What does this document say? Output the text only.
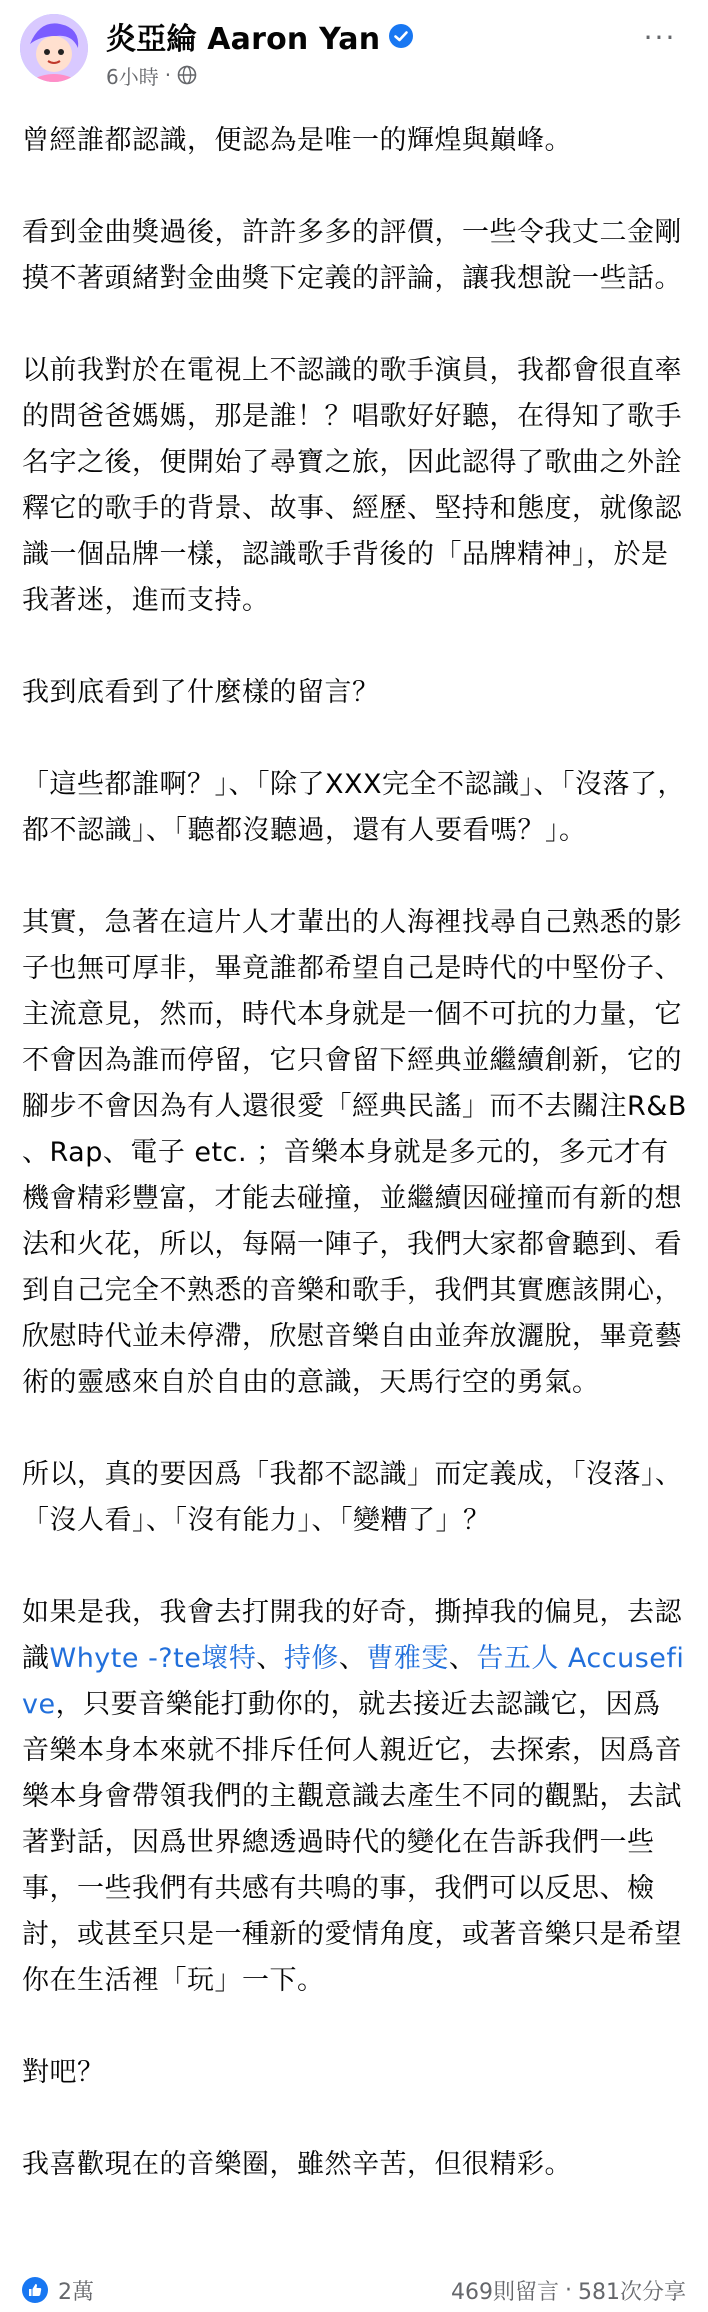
炎亞綸 Aaron Yan
6小時 ·
···

曾經誰都認識，便認為是唯一的輝煌與巔峰。

看到金曲獎過後，許許多多的評價，一些令我丈二金剛摸不著頭緒對金曲獎下定義的評論，讓我想說一些話。

以前我對於在電視上不認識的歌手演員，我都會很直率的問爸爸媽媽，那是誰！？唱歌好好聽，在得知了歌手名字之後，便開始了尋寶之旅，因此認得了歌曲之外詮釋它的歌手的背景、故事、經歷、堅持和態度，就像認識一個品牌一樣，認識歌手背後的「品牌精神」，於是我著迷，進而支持。

我到底看到了什麼樣的留言？

「這些都誰啊？」、「除了XXX完全不認識」、「沒落了，都不認識」、「聽都沒聽過，還有人要看嗎？」。

其實，急著在這片人才輩出的人海裡找尋自己熟悉的影子也無可厚非，畢竟誰都希望自己是時代的中堅份子、主流意見，然而，時代本身就是一個不可抗的力量，它不會因為誰而停留，它只會留下經典並繼續創新，它的腳步不會因為有人還很愛「經典民謠」而不去關注R&B 、Rap、電子 etc. ；音樂本身就是多元的，多元才有機會精彩豐富，才能去碰撞，並繼續因碰撞而有新的想法和火花，所以，每隔一陣子，我們大家都會聽到、看到自己完全不熟悉的音樂和歌手，我們其實應該開心，欣慰時代並未停滯，欣慰音樂自由並奔放灑脫，畢竟藝術的靈感來自於自由的意識，天馬行空的勇氣。

所以，真的要因爲「我都不認識」而定義成，「沒落」、「沒人看」、「沒有能力」、「變糟了」？

如果是我，我會去打開我的好奇，撕掉我的偏見，去認識Whyte -?te壞特、持修、曹雅雯、告五人 Accusefive，只要音樂能打動你的，就去接近去認識它，因爲音樂本身本來就不排斥任何人親近它，去探索，因爲音樂本身會帶領我們的主觀意識去產生不同的觀點，去試著對話，因爲世界總透過時代的變化在告訴我們一些事，一些我們有共感有共鳴的事，我們可以反思、檢討，或甚至只是一種新的愛情角度，或著音樂只是希望你在生活裡「玩」一下。

對吧？

我喜歡現在的音樂圈，雖然辛苦，但很精彩。

2萬	469則留言 · 581次分享
